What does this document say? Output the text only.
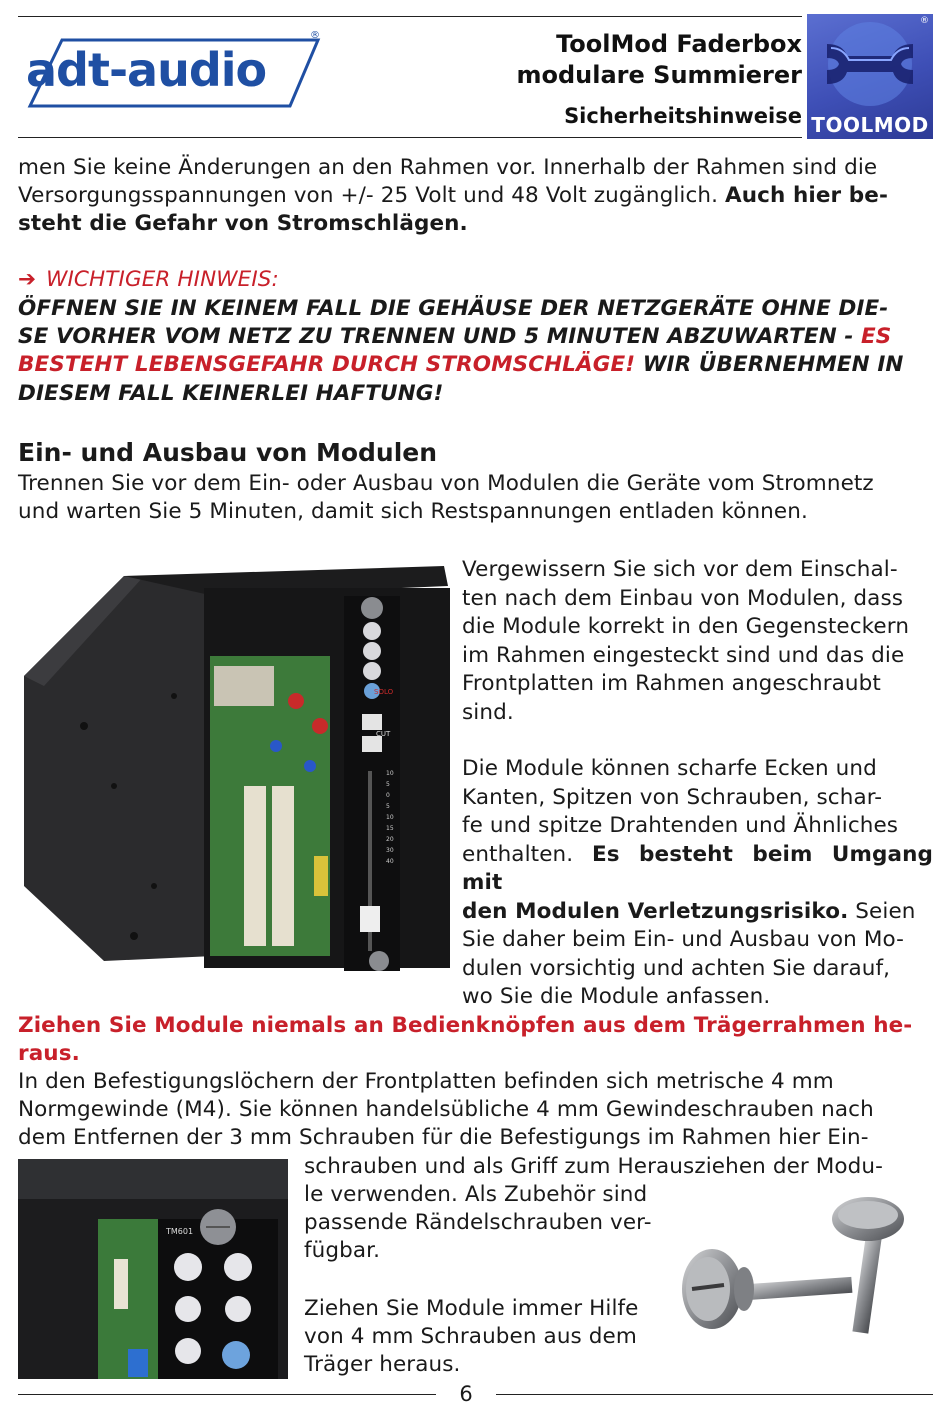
adt-audio
®	ToolMod Faderbox
modulare Summierer
Sicherheitshinweise
®
TOOLMOD
men Sie keine Änderungen an den Rahmen vor. Innerhalb der Rahmen sind die
Versorgungsspannungen von +/- 25 Volt und 48 Volt zugänglich. Auch hier be-
steht die Gefahr von Stromschlägen.
➔ WICHTIGER HINWEIS:
ÖFFNEN SIE IN KEINEM FALL DIE GEHÄUSE DER NETZGERÄTE OHNE DIE-
SE VORHER VOM NETZ ZU TRENNEN UND 5 MINUTEN ABZUWARTEN - ES
BESTEHT LEBENSGEFAHR DURCH STROMSCHLÄGE! WIR ÜBERNEHMEN IN
DIESEM FALL KEINERLEI HAFTUNG!
Ein- und Ausbau von Modulen
Trennen Sie vor dem Ein- oder Ausbau von Modulen die Geräte vom Stromnetz
und warten Sie 5 Minuten, damit sich Restspannungen entladen können.
SOLO
CUT
10
5
0
5
10
15
20
30
40
Vergewissern Sie sich vor dem Einschal-
ten nach dem Einbau von Modulen, dass
die Module korrekt in den Gegensteckern
im Rahmen eingesteckt sind und das die
Frontplatten im Rahmen angeschraubt
sind.
Die Module können scharfe Ecken und
Kanten, Spitzen von Schrauben, schar-
fe und spitze Drahtenden und Ähnliches
enthalten. Es besteht beim Umgang mit
den Modulen Verletzungsrisiko. Seien
Sie daher beim Ein- und Ausbau von Mo-
dulen vorsichtig und achten Sie darauf,
wo Sie die Module anfassen.
Ziehen Sie Module niemals an Bedienknöpfen aus dem Trägerrahmen he-
raus.
In den Befestigungslöchern der Frontplatten befinden sich metrische 4 mm
Normgewinde (M4). Sie können handelsübliche 4 mm Gewindeschrauben nach
dem Entfernen der 3 mm Schrauben für die Befestigungs im Rahmen hier Ein-
schrauben und als Griff zum Herausziehen der Modu-
le verwenden. Als Zubehör sind
passende Rändelschrauben ver-
fügbar.
Ziehen Sie Module immer Hilfe
von 4 mm Schrauben aus dem
Träger heraus.
TM601
6
